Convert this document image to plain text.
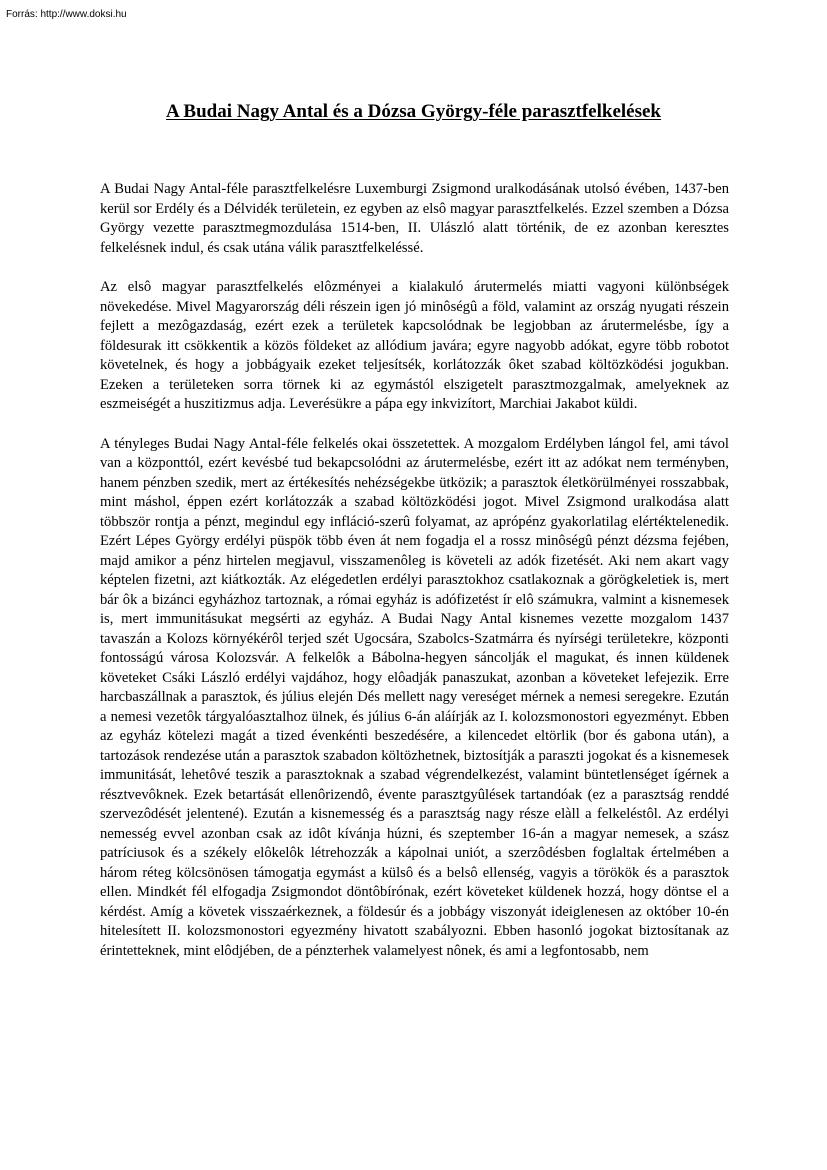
Forrás: http://www.doksi.hu
A Budai Nagy Antal és a Dózsa György-féle parasztfelkelések

A Budai Nagy Antal-féle parasztfelkelésre Luxemburgi Zsigmond uralkodásának utolsó évében, 1437-ben kerül sor Erdély és a Délvidék területein, ez egyben az elsô magyar parasztfelkelés. Ezzel szemben a Dózsa György vezette parasztmegmozdulása 1514-ben, II. Ulászló alatt történik, de ez azonban keresztes felkelésnek indul, és csak utána válik parasztfelkeléssé.

Az elsô magyar parasztfelkelés elôzményei a kialakuló árutermelés miatti vagyoni különbségek növekedése. Mivel Magyarország déli részein igen jó minôségû a föld, valamint az ország nyugati részein fejlett a mezôgazdaság, ezért ezek a területek kapcsolódnak be legjobban az árutermelésbe, így a földesurak itt csökkentik a közös földeket az allódium javára; egyre nagyobb adókat, egyre több robotot követelnek, és hogy a jobbágyaik ezeket teljesítsék, korlátozzák ôket szabad költözködési jogukban. Ezeken a területeken sorra törnek ki az egymástól elszigetelt parasztmozgalmak, amelyeknek az eszmeiségét a huszitizmus adja. Leverésükre a pápa egy inkvizítort, Marchiai Jakabot küldi.

A tényleges Budai Nagy Antal-féle felkelés okai összetettek. A mozgalom Erdélyben lángol fel, ami távol van a központtól, ezért kevésbé tud bekapcsolódni az árutermelésbe, ezért itt az adókat nem terményben, hanem pénzben szedik, mert az értékesítés nehézségekbe ütközik; a parasztok életkörülményei rosszabbak, mint máshol, éppen ezért korlátozzák a szabad költözködési jogot. Mivel Zsigmond uralkodása alatt többször rontja a pénzt, megindul egy infláció-szerû folyamat, az aprópénz gyakorlatilag elértéktelenedik. Ezért Lépes György erdélyi püspök több éven át nem fogadja el a rossz minôségû pénzt dézsma fejében, majd amikor a pénz hirtelen megjavul, visszamenôleg is követeli az adók fizetését. Aki nem akart vagy képtelen fizetni, azt kiátkozták. Az elégedetlen erdélyi parasztokhoz csatlakoznak a görögkeletiek is, mert bár ôk a bizánci egyházhoz tartoznak, a római egyház is adófizetést ír elô számukra, valmint a kisnemesek is, mert immunitásukat megsérti az egyház. A Budai Nagy Antal kisnemes vezette mozgalom 1437 tavaszán a Kolozs környékérôl terjed szét Ugocsára, Szabolcs-Szatmárra és nyírségi területekre, központi fontosságú városa Kolozsvár. A felkelôk a Bábolna-hegyen sáncolják el magukat, és innen küldenek követeket Csáki László erdélyi vajdához, hogy elôadják panaszukat, azonban a követeket lefejezik. Erre harcbaszállnak a parasztok, és július elején Dés mellett nagy vereséget mérnek a nemesi seregekre. Ezután a nemesi vezetôk tárgyalóasztalhoz ülnek, és július 6-án aláírják az I. kolozsmonostori egyezményt. Ebben az egyház kötelezi magát a tized évenkénti beszedésére, a kilencedet eltörlik (bor és gabona után), a tartozások rendezése után a parasztok szabadon költözhetnek, biztosítják a paraszti jogokat és a kisnemesek immunitását, lehetôvé teszik a parasztoknak a szabad végrendelkezést, valamint büntetlenséget ígérnek a résztvevôknek. Ezek betartását ellenôrizendô, évente parasztgyûlések tartandóak (ez a parasztság renddé szervezôdését jelentené). Ezután a kisnemesség és a parasztság nagy része elàll a felkeléstôl. Az erdélyi nemesség evvel azonban csak az idôt kívánja húzni, és szeptember 16-án a magyar nemesek, a szász patríciusok és a székely elôkelôk létrehozzák a kápolnai uniót, a szerzôdésben foglaltak értelmében a három réteg kölcsönösen támogatja egymást a külsô és a belsô ellenség, vagyis a törökök és a parasztok ellen. Mindkét fél elfogadja Zsigmondot döntôbírónak, ezért követeket küldenek hozzá, hogy döntse el a kérdést. Amíg a követek visszaérkeznek, a földesúr és a jobbágy viszonyát ideiglenesen az október 10-én hitelesített II. kolozsmonostori egyezmény hivatott szabályozni. Ebben hasonló jogokat biztosítanak az érintetteknek, mint elôdjében, de a pénzterhek valamelyest nônek, és ami a legfontosabb, nem
